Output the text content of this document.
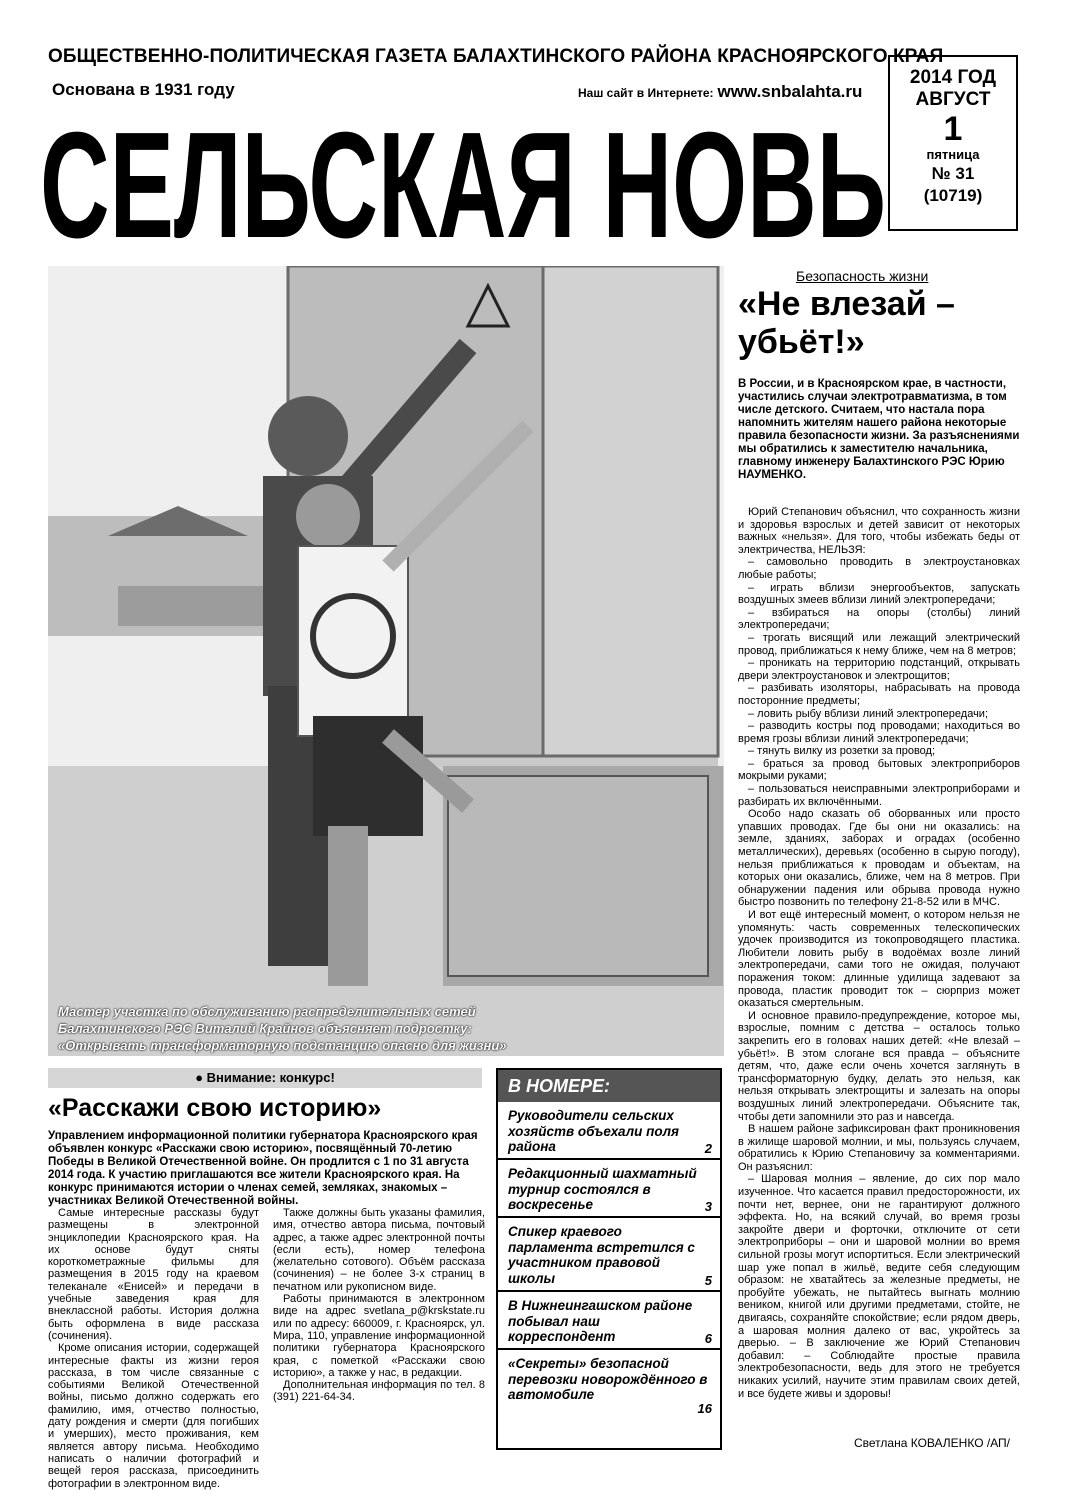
ОБЩЕСТВЕННО-ПОЛИТИЧЕСКАЯ ГАЗЕТА БАЛАХТИНСКОГО РАЙОНА КРАСНОЯРСКОГО КРАЯ
Основана в 1931 году	Наш сайт в Интернете: www.snbalahta.ru
СЕЛЬСКАЯ НОВЬ
2014 ГОД
АВГУСТ
1
пятница
№ 31
(10719)
Мастер участка по обслуживанию распределительных сетей Балахтинского РЭС Виталий Крайнов объясняет подростку: «Открывать трансформаторную подстанцию опасно для жизни»
Безопасность жизни
«Не влезай – убьёт!»
В России, и в Красноярском крае, в частности, участились случаи электротравматизма, в том числе детского. Считаем, что настала пора напомнить жителям нашего района некоторые правила безопасности жизни. За разъяснениями мы обратились к заместителю начальника, главному инженеру Балахтинского РЭС Юрию НАУМЕНКО.

Юрий Степанович объяснил, что сохранность жизни и здоровья взрослых и детей зависит от некоторых важных «нельзя». Для того, чтобы избежать беды от электричества, НЕЛЬЗЯ:

– самовольно проводить в электроустановках любые работы;

– играть вблизи энергообъектов, запускать воздушных змеев вблизи линий электропередачи;

– взбираться на опоры (столбы) линий электропередачи;

– трогать висящий или лежащий электрический провод, приближаться к нему ближе, чем на 8 метров;

– проникать на территорию подстанций, открывать двери электроустановок и электрощитов;

– разбивать изоляторы, набрасывать на провода посторонние предметы;

– ловить рыбу вблизи линий электропередачи;

– разводить костры под проводами; находиться во время грозы вблизи линий электропередачи;

– тянуть вилку из розетки за провод;

– браться за провод бытовых электроприборов мокрыми руками;

– пользоваться неисправными электроприборами и разбирать их включёнными.

Особо надо сказать об оборванных или просто упавших проводах. Где бы они ни оказались: на земле, зданиях, заборах и оградах (особенно металлических), деревьях (особенно в сырую погоду), нельзя приближаться к проводам и объектам, на которых они оказались, ближе, чем на 8 метров. При обнаружении падения или обрыва провода нужно быстро позвонить по телефону 21-8-52 или в МЧС.

И вот ещё интересный момент, о котором нельзя не упомянуть: часть современных телескопических удочек производится из токопроводящего пластика. Любители ловить рыбу в водоёмах возле линий электропередачи, сами того не ожидая, получают поражения током: длинные удилища задевают за провода, пластик проводит ток – сюрприз может оказаться смертельным.

И основное правило-предупреждение, которое мы, взрослые, помним с детства – осталось только закрепить его в головах наших детей: «Не влезай – убьёт!». В этом слогане вся правда – объясните детям, что, даже если очень хочется заглянуть в трансформаторную будку, делать это нельзя, как нельзя открывать электрощиты и залезать на опоры воздушных линий электропередачи. Объясните так, чтобы дети запомнили это раз и навсегда.

В нашем районе зафиксирован факт проникновения в жилище шаровой молнии, и мы, пользуясь случаем, обратились к Юрию Степановичу за комментариями. Он разъяснил:

– Шаровая молния – явление, до сих пор мало изученное. Что касается правил предосторожности, их почти нет, вернее, они не гарантируют должного эффекта. Но, на всякий случай, во время грозы закройте двери и форточки, отключите от сети электроприборы – они и шаровой молнии во время сильной грозы могут испортиться. Если электрический шар уже попал в жильё, ведите себя следующим образом: не хватайтесь за железные предметы, не пробуйте убежать, не пытайтесь выгнать молнию веником, книгой или другими предметами, стойте, не двигаясь, сохраняйте спокойствие; если рядом дверь, а шаровая молния далеко от вас, укройтесь за дверью. – В заключение же Юрий Степанович добавил: – Соблюдайте простые правила электробезопасности, ведь для этого не требуется никаких усилий, научите этим правилам своих детей, и все будете живы и здоровы!

Светлана КОВАЛЕНКО /АП/
● Внимание: конкурс!
«Расскажи свою историю»
Управлением информационной политики губернатора Красноярского края объявлен конкурс «Расскажи свою историю», посвящённый 70-летию Победы в Великой Отечественной войне. Он продлится с 1 по 31 августа 2014 года. К участию приглашаются все жители Красноярского края. На конкурс принимаются истории о членах семей, земляках, знакомых – участниках Великой Отечественной войны.

Самые интересные рассказы будут размещены в электронной энциклопедии Красноярского края. На их основе будут сняты короткометражные фильмы для размещения в 2015 году на краевом телеканале «Енисей» и передачи в учебные заведения края для внеклассной работы. История должна быть оформлена в виде рассказа (сочинения).

Кроме описания истории, содержащей интересные факты из жизни героя рассказа, в том числе связанные с событиями Великой Отечественной войны, письмо должно содержать его фамилию, имя, отчество полностью, дату рождения и смерти (для погибших и умерших), место проживания, кем является автору письма. Необходимо написать о наличии фотографий и вещей героя рассказа, присоединить фотографии в электронном виде.

Также должны быть указаны фамилия, имя, отчество автора письма, почтовый адрес, а также адрес электронной почты (если есть), номер телефона (желательно сотового). Объём рассказа (сочинения) – не более 3-х страниц в печатном или рукописном виде.

Работы принимаются в электронном виде на адрес svetlana_p@krskstate.ru или по адресу: 660009, г. Красноярск, ул. Мира, 110, управление информационной политики губернатора Красноярского края, с пометкой «Расскажи свою историю», а также у нас, в редакции.

Дополнительная информация по тел. 8 (391) 221-64-34.

В НОМЕРЕ:
Руководители сельских хозяйств объехали поля района	2
Редакционный шахматный турнир состоялся в воскресенье	3
Спикер краевого парламента встретился с участником правовой школы	5
В Нижнеингашском районе побывал наш корреспондент	6
«Секреты» безопасной перевозки новорождённого в автомобиле
16
